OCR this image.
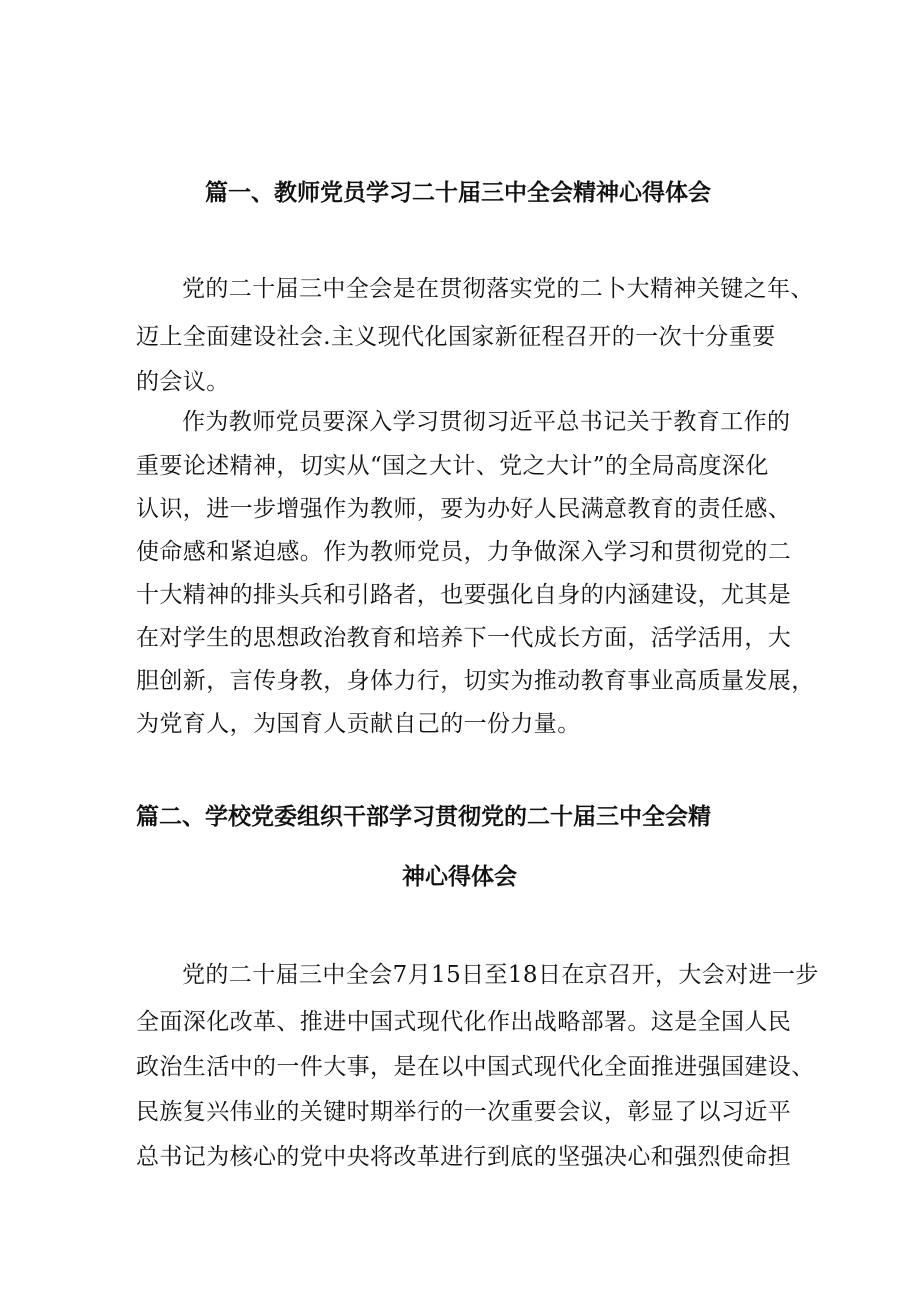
篇一、教师党员学习二十届三中全会精神心得体会
党的二十届三中全会是在贯彻落实党的二卜大精神关键之年、
迈上全面建设社会.主义现代化国家新征程召开的一次十分重要
的会议。
作为教师党员要深入学习贯彻习近平总书记关于教育工作的
重要论述精神，切实从“国之大计、党之大计”的全局高度深化
认识，进一步增强作为教师，要为办好人民满意教育的责任感、
使命感和紧迫感。作为教师党员，力争做深入学习和贯彻党的二
十大精神的排头兵和引路者，也要强化自身的内涵建设，尤其是
在对学生的思想政治教育和培养下一代成长方面，活学活用，大
胆创新，言传身教，身体力行，切实为推动教育事业高质量发展，
为党育人，为国育人贡献自己的一份力量。
篇二、学校党委组织干部学习贯彻党的二十届三中全会精
神心得体会
党的二十届三中全会7月15日至18日在京召开，大会对进一步
全面深化改革、推进中国式现代化作出战略部署。这是全国人民
政治生活中的一件大事，是在以中国式现代化全面推进强国建设、
民族复兴伟业的关键时期举行的一次重要会议，彰显了以习近平
总书记为核心的党中央将改革进行到底的坚强决心和强烈使命担
